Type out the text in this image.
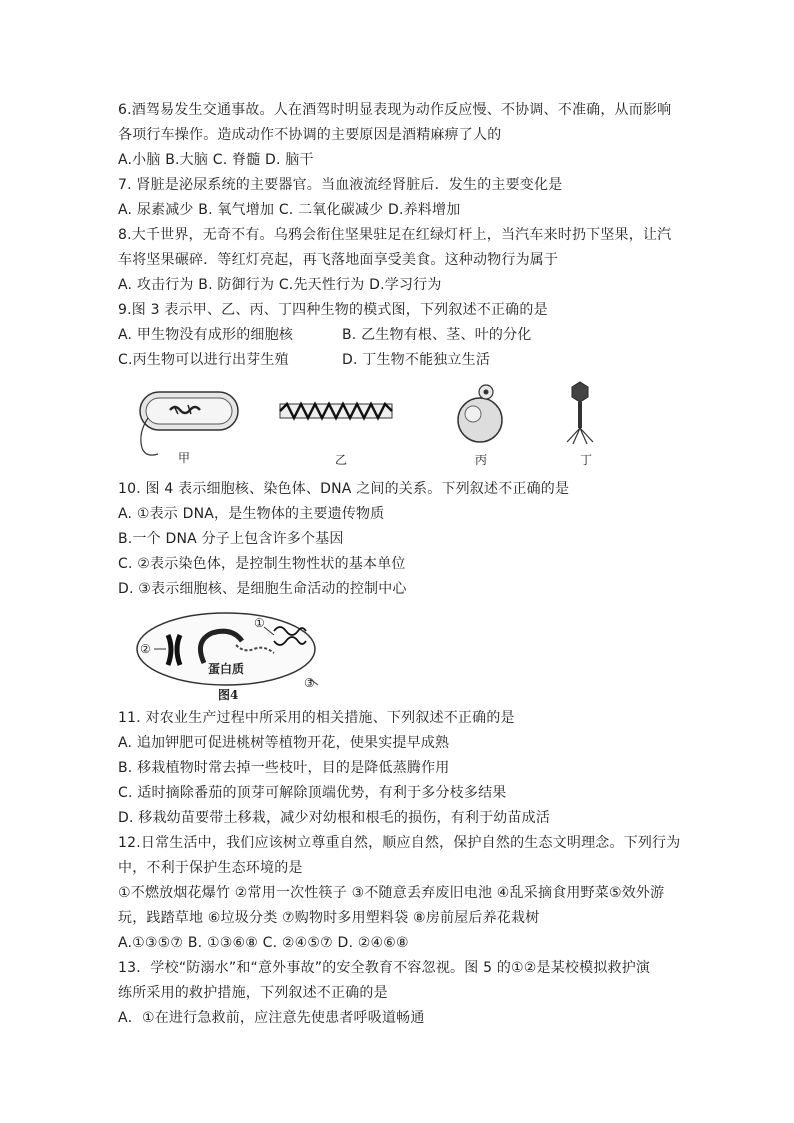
6.酒驾易发生交通事故。人在酒驾时明显表现为动作反应慢、不协调、不准确，从而影响
各项行车操作。造成动作不协调的主要原因是酒精麻痹了人的
A.小脑 B.大脑 C. 脊髓 D. 脑干
7. 肾脏是泌尿系统的主要器官。当血液流经肾脏后．发生的主要变化是
A. 尿素减少 B. 氧气增加 C. 二氧化碳减少 D.养料增加
8.大千世界，无奇不有。乌鸦会衔住坚果驻足在红绿灯杆上，当汽车来时扔下坚果，让汽
车将坚果碾碎．等红灯亮起，再飞落地面享受美食。这种动物行为属于
A. 攻击行为 B. 防御行为 C.先天性行为 D.学习行为
9.图 3 表示甲、乙、丙、丁四种生物的模式图，下列叙述不正确的是
A. 甲生物没有成形的细胞核	B. 乙生物有根、茎、叶的分化
C.丙生物可以进行出芽生殖	D. 丁生物不能独立生活
甲	乙	丙	丁
10. 图 4 表示细胞核、染色体、DNA 之间的关系。下列叙述不正确的是
A. ①表示 DNA，是生物体的主要遗传物质
B.一个 DNA 分子上包含许多个基因
C. ②表示染色体，是控制生物性状的基本单位
D. ③表示细胞核、是细胞生命活动的控制中心
①
②
③
蛋白质
图4
11. 对农业生产过程中所采用的相关措施、下列叙述不正确的是
A. 追加钾肥可促进桃树等植物开花，使果实提早成熟
B. 移栽植物时常去掉一些枝叶，目的是降低蒸腾作用
C. 适时摘除番茄的顶芽可解除顶端优势，有利于多分枝多结果
D. 移栽幼苗要带土移栽，减少对幼根和根毛的损伤，有利于幼苗成活
12.日常生活中，我们应该树立尊重自然，顺应自然，保护自然的生态文明理念。下列行为
中，不利于保护生态环境的是
①不燃放烟花爆竹 ②常用一次性筷子 ③不随意丢弃废旧电池 ④乱采摘食用野菜⑤效外游
玩，践踏草地 ⑥垃圾分类 ⑦购物时多用塑料袋 ⑧房前屋后养花栽树
A.①③⑤⑦ B. ①③⑥⑧ C. ②④⑤⑦ D. ②④⑥⑧
13．学校“防溺水”和“意外事故”的安全教育不容忽视。图 5 的①②是某校模拟救护演
练所采用的救护措施，下列叙述不正确的是
A．①在进行急救前，应注意先使患者呼吸道畅通
